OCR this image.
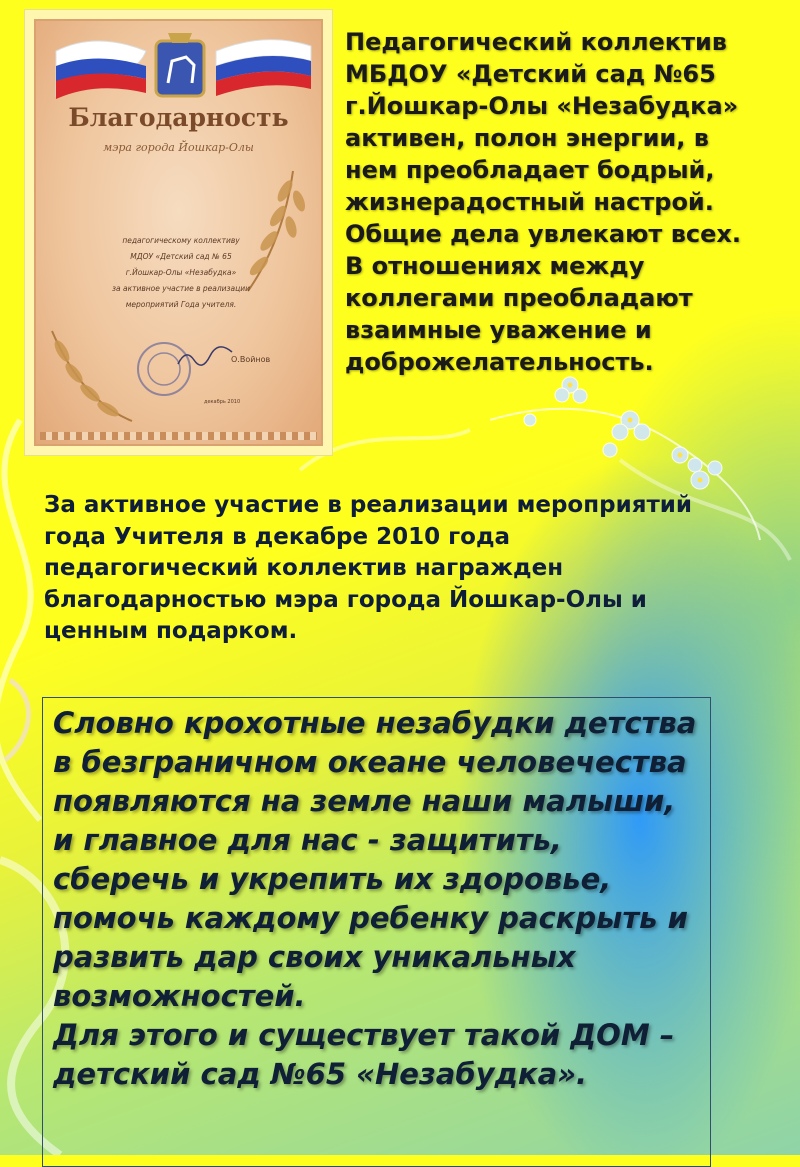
Благодарность
мэра города Йошкар-Олы
педагогическому коллективу
МДОУ «Детский сад № 65
г.Йошкар-Олы «Незабудка»
за активное участие в реализации
мероприятий Года учителя.
О.Войнов
декабрь 2010

Педагогический коллектив МБДОУ «Детский сад №65 г.Йошкар-Олы «Незабудка» активен, полон энергии, в нем преобладает бодрый, жизнерадостный настрой. Общие дела увлекают всех. В отношениях между коллегами преобладают взаимные уважение и доброжелательность.

За активное участие в реализации мероприятий года Учителя в декабре 2010 года педагогический коллектив награжден благодарностью мэра города Йошкар-Олы и ценным подарком.

Словно крохотные незабудки детства в безграничном океане человечества появляются на земле наши малыши, и главное для нас - защитить, сберечь и укрепить их здоровье, помочь каждому ребенку раскрыть и развить дар своих уникальных возможностей.
Для этого и существует такой ДОМ – детский сад №65 «Незабудка».
